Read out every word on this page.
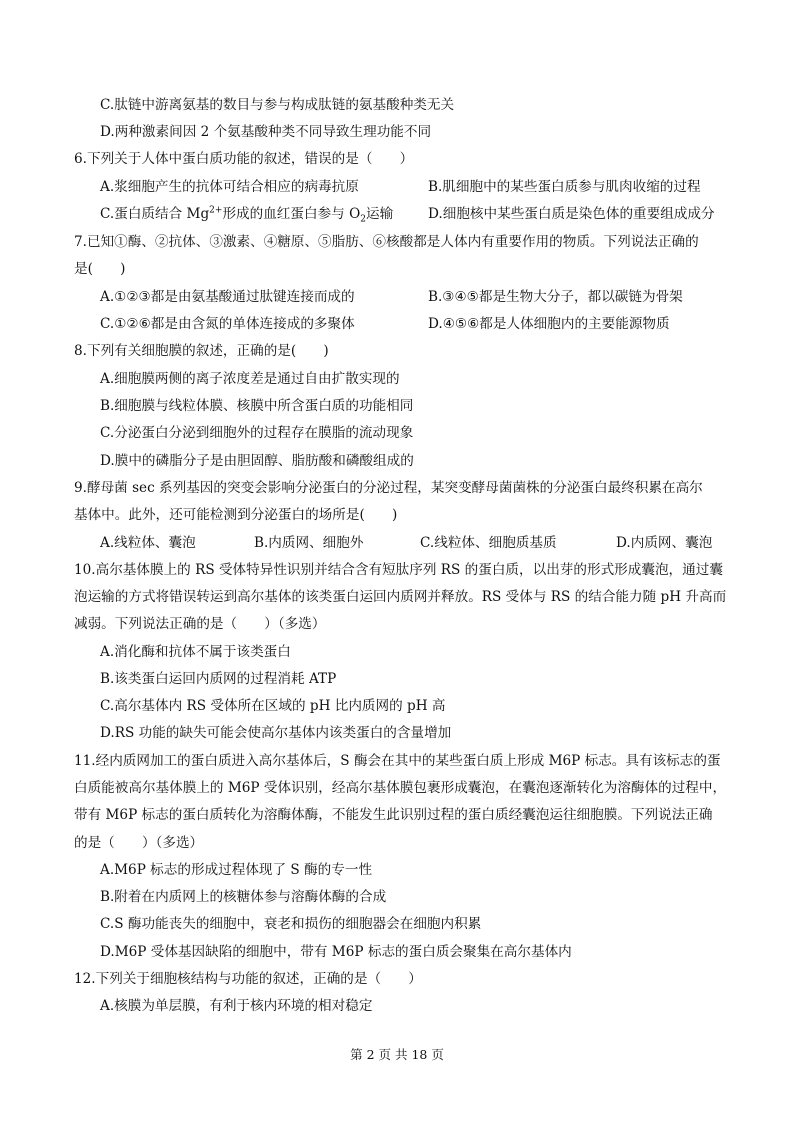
C.肽链中游离氨基的数目与参与构成肽链的氨基酸种类无关
D.两种激素间因 2 个氨基酸种类不同导致生理功能不同
6.下列关于人体中蛋白质功能的叙述，错误的是（　　）
A.浆细胞产生的抗体可结合相应的病毒抗原	B.肌细胞中的某些蛋白质参与肌肉收缩的过程
C.蛋白质结合 $Mg^{2+}$形成的血红蛋白参与 $O_2$运输	D.细胞核中某些蛋白质是染色体的重要组成成分
7.已知①酶、②抗体、③激素、④糖原、⑤脂肪、⑥核酸都是人体内有重要作用的物质。下列说法正确的
是(　　)
A.①②③都是由氨基酸通过肽键连接而成的	B.③④⑤都是生物大分子，都以碳链为骨架
C.①②⑥都是由含氮的单体连接成的多聚体	D.④⑤⑥都是人体细胞内的主要能源物质
8.下列有关细胞膜的叙述，正确的是(　　)
A.细胞膜两侧的离子浓度差是通过自由扩散实现的
B.细胞膜与线粒体膜、核膜中所含蛋白质的功能相同
C.分泌蛋白分泌到细胞外的过程存在膜脂的流动现象
D.膜中的磷脂分子是由胆固醇、脂肪酸和磷酸组成的
9.酵母菌 sec 系列基因的突变会影响分泌蛋白的分泌过程，某突变酵母菌菌株的分泌蛋白最终积累在高尔
基体中。此外，还可能检测到分泌蛋白的场所是(　　)
A.线粒体、囊泡	B.内质网、细胞外	C.线粒体、细胞质基质	D.内质网、囊泡
10.高尔基体膜上的 RS 受体特异性识别并结合含有短肽序列 RS 的蛋白质，以出芽的形式形成囊泡，通过囊
泡运输的方式将错误转运到高尔基体的该类蛋白运回内质网并释放。RS 受体与 RS 的结合能力随 pH 升高而
减弱。下列说法正确的是（　　）（多选）
A.消化酶和抗体不属于该类蛋白
B.该类蛋白运回内质网的过程消耗 ATP
C.高尔基体内 RS 受体所在区域的 pH 比内质网的 pH 高
D.RS 功能的缺失可能会使高尔基体内该类蛋白的含量增加
11.经内质网加工的蛋白质进入高尔基体后，S 酶会在其中的某些蛋白质上形成 M6P 标志。具有该标志的蛋
白质能被高尔基体膜上的 M6P 受体识别，经高尔基体膜包裹形成囊泡，在囊泡逐渐转化为溶酶体的过程中，
带有 M6P 标志的蛋白质转化为溶酶体酶，不能发生此识别过程的蛋白质经囊泡运往细胞膜。下列说法正确
的是（　　）（多选）
A.M6P 标志的形成过程体现了 S 酶的专一性
B.附着在内质网上的核糖体参与溶酶体酶的合成
C.S 酶功能丧失的细胞中，衰老和损伤的细胞器会在细胞内积累
D.M6P 受体基因缺陷的细胞中，带有 M6P 标志的蛋白质会聚集在高尔基体内
12.下列关于细胞核结构与功能的叙述，正确的是（　　）
A.核膜为单层膜，有利于核内环境的相对稳定
第 2 页 共 18 页
